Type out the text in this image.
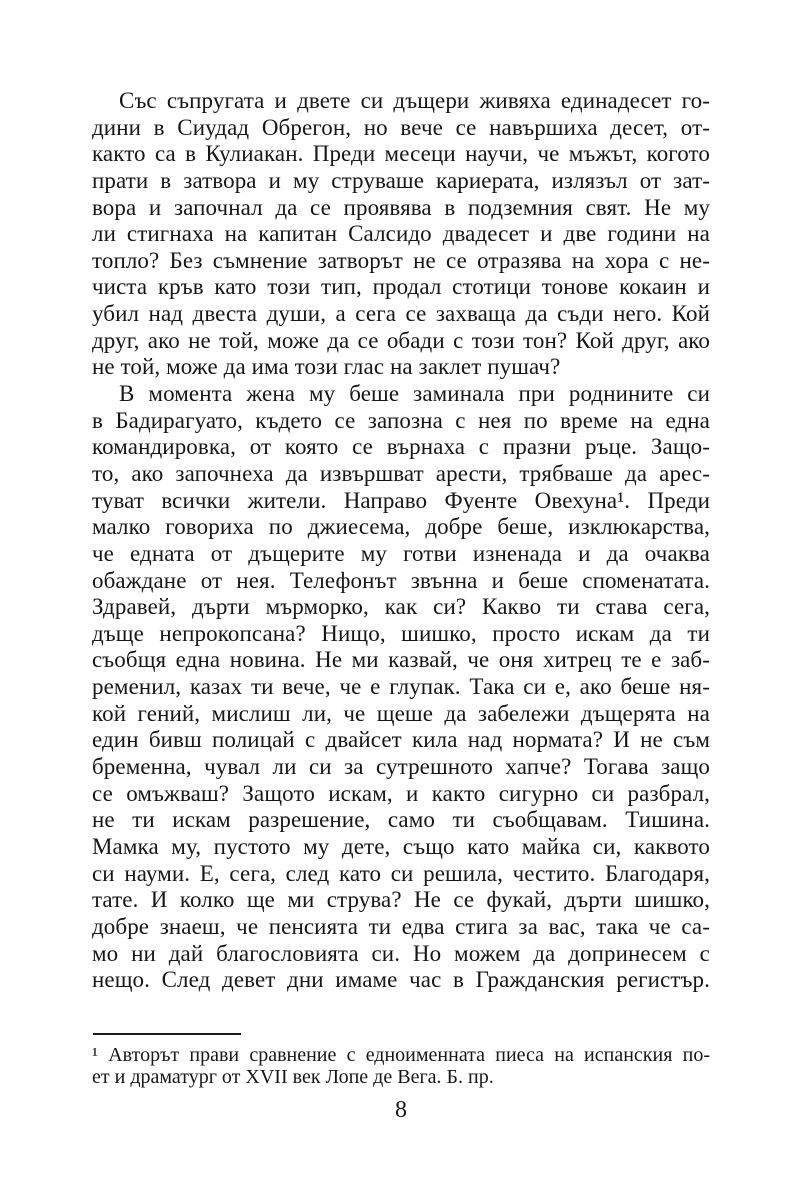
Със съпругата и двете си дъщери живяха единадесет го-
дини в Сиудад Обрегон, но вече се навършиха десет, от-
както са в Кулиакан. Преди месеци научи, че мъжът, когото
прати в затвора и му струваше кариерата, излязъл от зат-
вора и започнал да се проявява в подземния свят. Не му
ли стигнаха на капитан Салсидо двадесет и две години на
топло? Без съмнение затворът не се отразява на хора с не-
чиста кръв като този тип, продал стотици тонове кокаин и
убил над двеста души, а сега се захваща да съди него. Кой
друг, ако не той, може да се обади с този тон? Кой друг, ако
не той, може да има този глас на заклет пушач?
В момента жена му беше заминала при роднините си
в Бадирагуато, където се запозна с нея по време на една
командировка, от която се върнаха с празни ръце. Защо-
то, ако започнеха да извършват арести, трябваше да арес-
туват всички жители. Направо Фуенте Овехуна¹. Преди
малко говориха по джиесема, добре беше, изклюкарства,
че едната от дъщерите му готви изненада и да очаква
обаждане от нея. Телефонът звънна и беше споменатата.
Здравей, дърти мърморко, как си? Какво ти става сега,
дъще непрокопсана? Нищо, шишко, просто искам да ти
съобщя една новина. Не ми казвай, че оня хитрец те е заб-
ременил, казах ти вече, че е глупак. Така си е, ако беше ня-
кой гений, мислиш ли, че щеше да забележи дъщерята на
един бивш полицай с двайсет кила над нормата? И не съм
бременна, чувал ли си за сутрешното хапче? Тогава защо
се омъжваш? Защото искам, и както сигурно си разбрал,
не ти искам разрешение, само ти съобщавам. Тишина.
Мамка му, пустото му дете, също като майка си, каквото
си науми. Е, сега, след като си решила, честито. Благодаря,
тате. И колко ще ми струва? Не се фукай, дърти шишко,
добре знаеш, че пенсията ти едва стига за вас, така че са-
мо ни дай благословията си. Но можем да допринесем с
нещо. След девет дни имаме час в Гражданския регистър.
¹ Авторът прави сравнение с едноименната пиеса на испанския по-
ет и драматург от XVII век Лопе де Вега. Б. пр.
8
